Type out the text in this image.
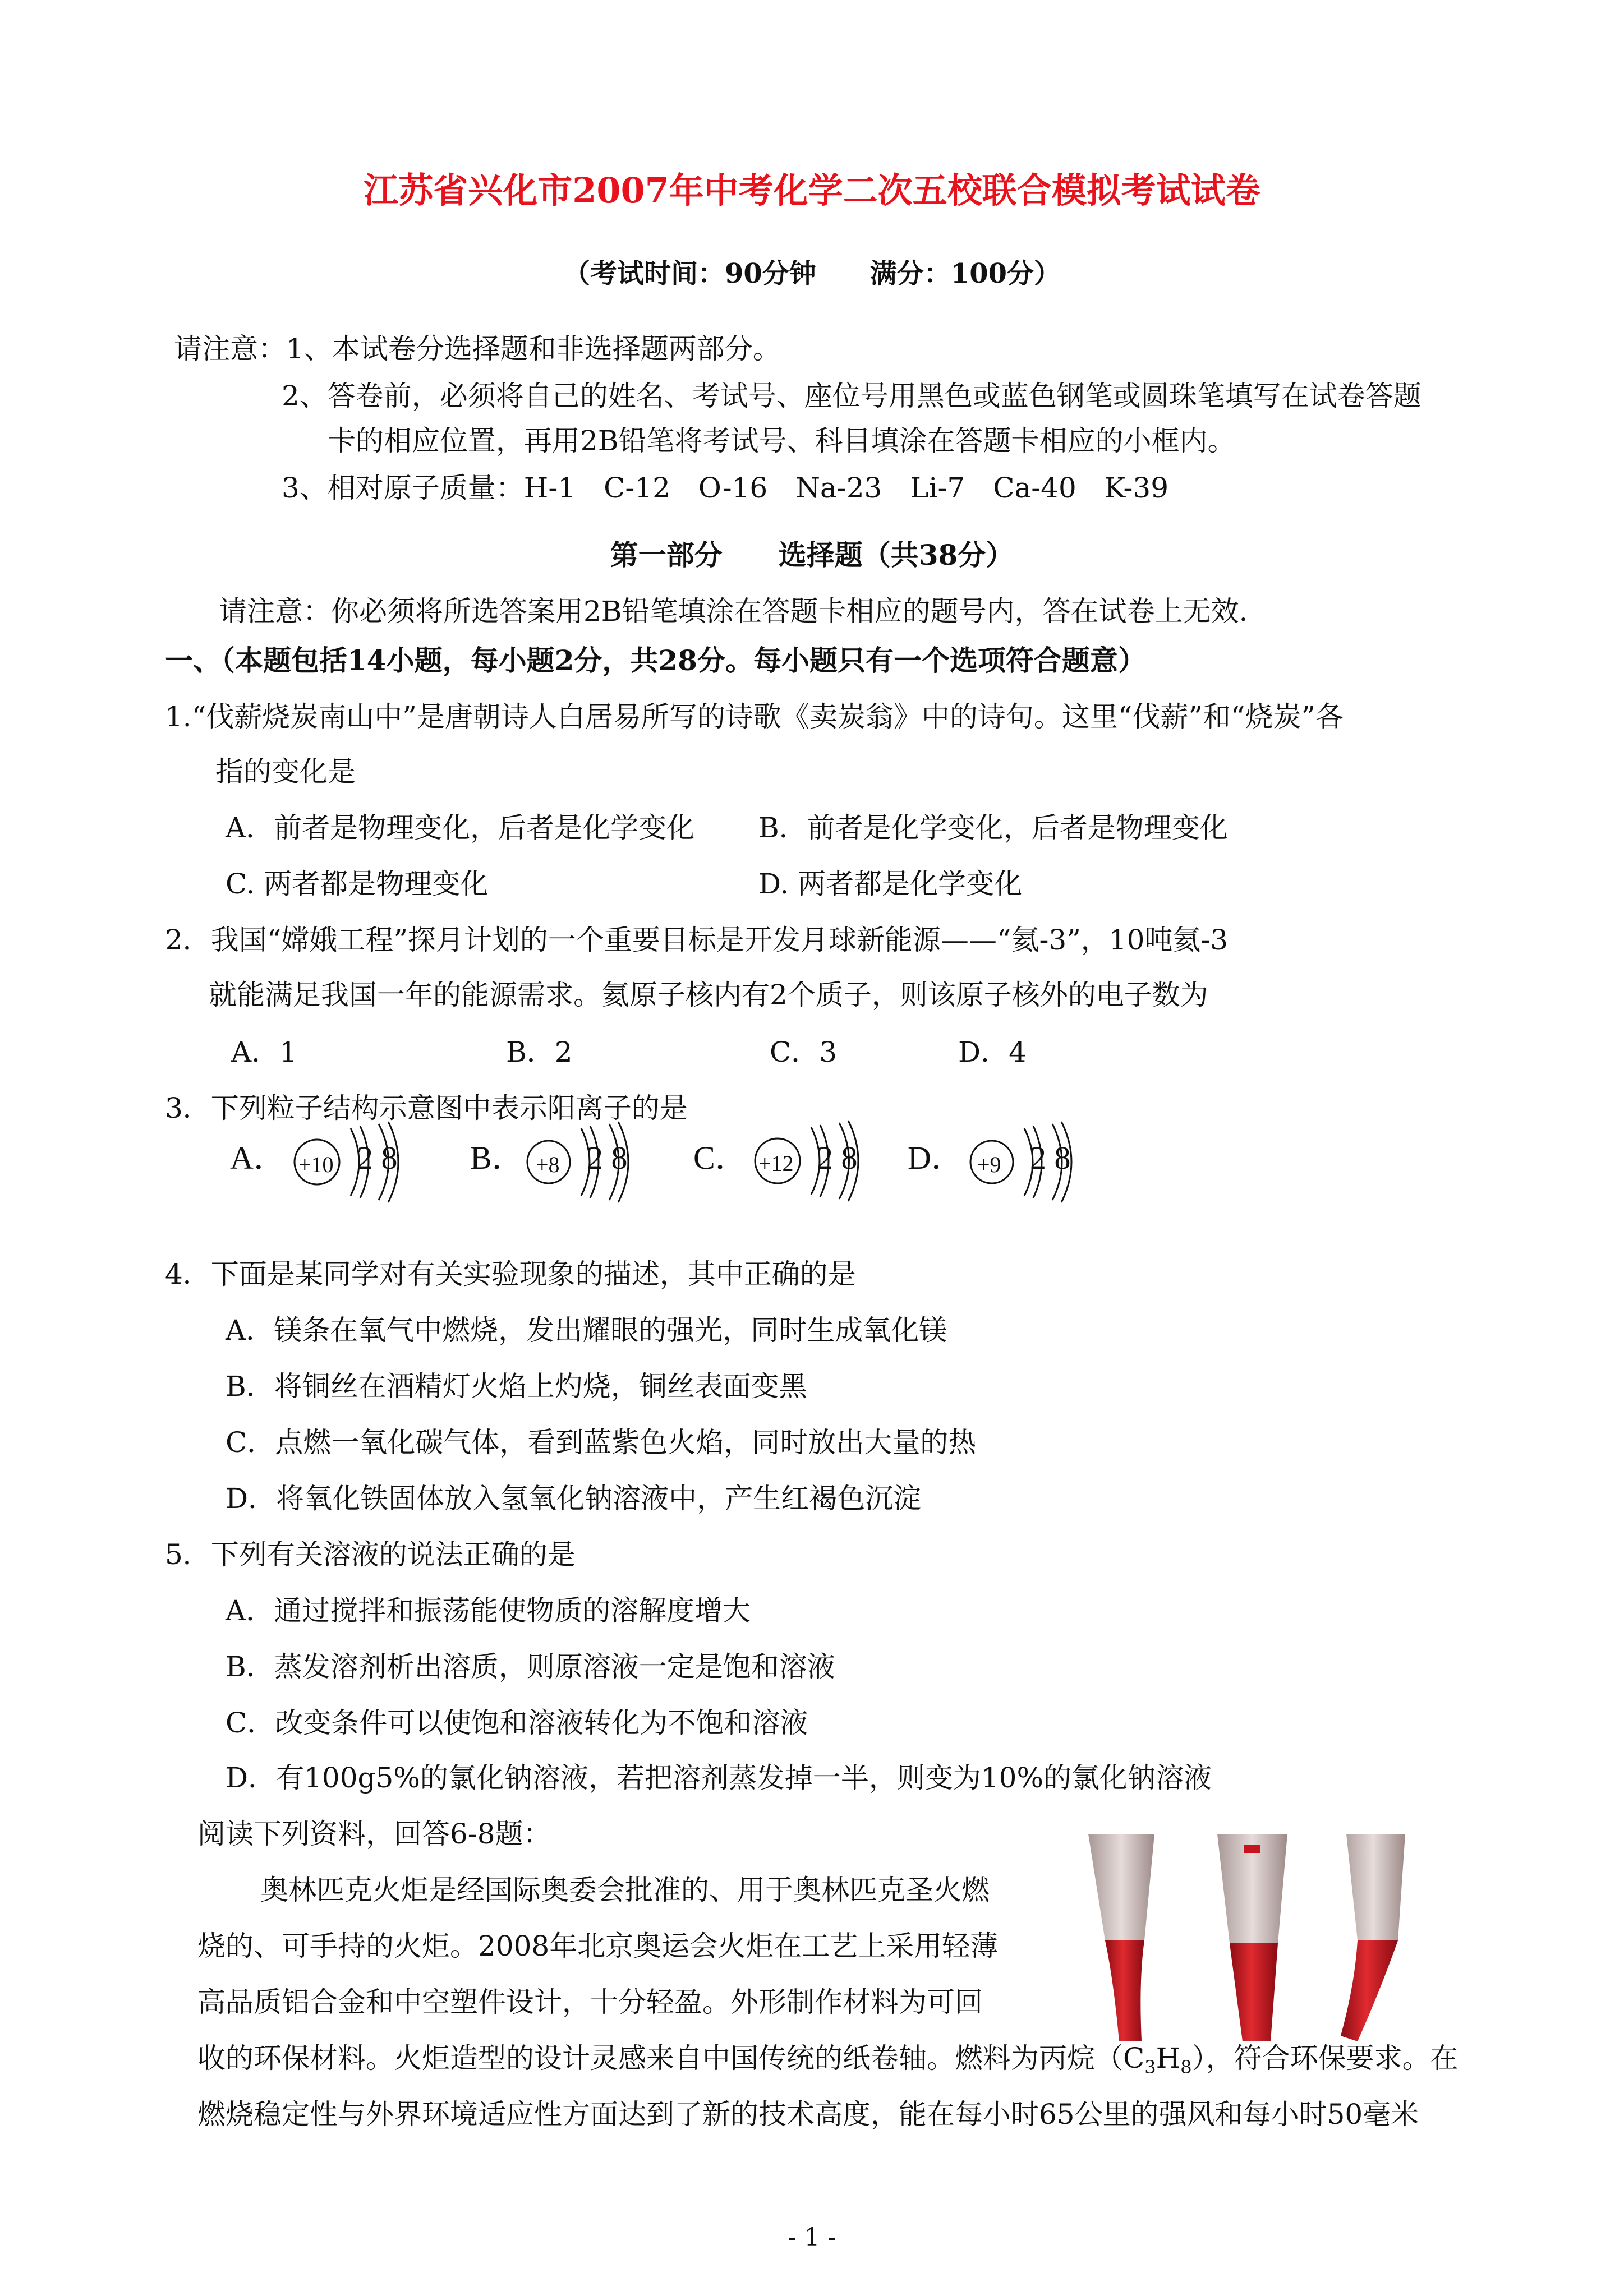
江苏省兴化市2007年中考化学二次五校联合模拟考试试卷
（考试时间：90分钟　　满分：100分）
请注意：1、本试卷分选择题和非选择题两部分。
2、答卷前，必须将自己的姓名、考试号、座位号用黑色或蓝色钢笔或圆珠笔填写在试卷答题
卡的相应位置，再用2B铅笔将考试号、科目填涂在答题卡相应的小框内。
3、相对原子质量：H-1　C-12　O-16　Na-23　Li-7　Ca-40　K-39
第一部分　　选择题（共38分）
请注意：你必须将所选答案用2B铅笔填涂在答题卡相应的题号内，答在试卷上无效.
一、（本题包括14小题，每小题2分，共28分。每小题只有一个选项符合题意）
1.“伐薪烧炭南山中”是唐朝诗人白居易所写的诗歌《卖炭翁》中的诗句。这里“伐薪”和“烧炭”各
指的变化是
A．前者是物理变化，后者是化学变化 B．前者是化学变化，后者是物理变化
C. 两者都是物理变化	D. 两者都是化学变化
2．我国“嫦娥工程”探月计划的一个重要目标是开发月球新能源——“氦-3”，10吨氦-3
就能满足我国一年的能源需求。氦原子核内有2个质子，则该原子核外的电子数为
A．1	B．2	C．3	D．4
3．下列粒子结构示意图中表示阳离子的是
A． +10 2 8 B． +8 2 8 C． +12 2 8 D． +9 2 8
4．下面是某同学对有关实验现象的描述，其中正确的是
A．镁条在氧气中燃烧，发出耀眼的强光，同时生成氧化镁
B．将铜丝在酒精灯火焰上灼烧，铜丝表面变黑
C．点燃一氧化碳气体，看到蓝紫色火焰，同时放出大量的热
D．将氧化铁固体放入氢氧化钠溶液中，产生红褐色沉淀
5．下列有关溶液的说法正确的是
A．通过搅拌和振荡能使物质的溶解度增大
B．蒸发溶剂析出溶质，则原溶液一定是饱和溶液
C．改变条件可以使饱和溶液转化为不饱和溶液
D．有100g5%的氯化钠溶液，若把溶剂蒸发掉一半，则变为10%的氯化钠溶液
阅读下列资料，回答6-8题：
奥林匹克火炬是经国际奥委会批准的、用于奥林匹克圣火燃
烧的、可手持的火炬。2008年北京奥运会火炬在工艺上采用轻薄
高品质铝合金和中空塑件设计，十分轻盈。外形制作材料为可回
收的环保材料。火炬造型的设计灵感来自中国传统的纸卷轴。燃料为丙烷$(C_3H_8)$，符合环保要求。在
燃烧稳定性与外界环境适应性方面达到了新的技术高度，能在每小时65公里的强风和每小时50毫米
- 1 -
